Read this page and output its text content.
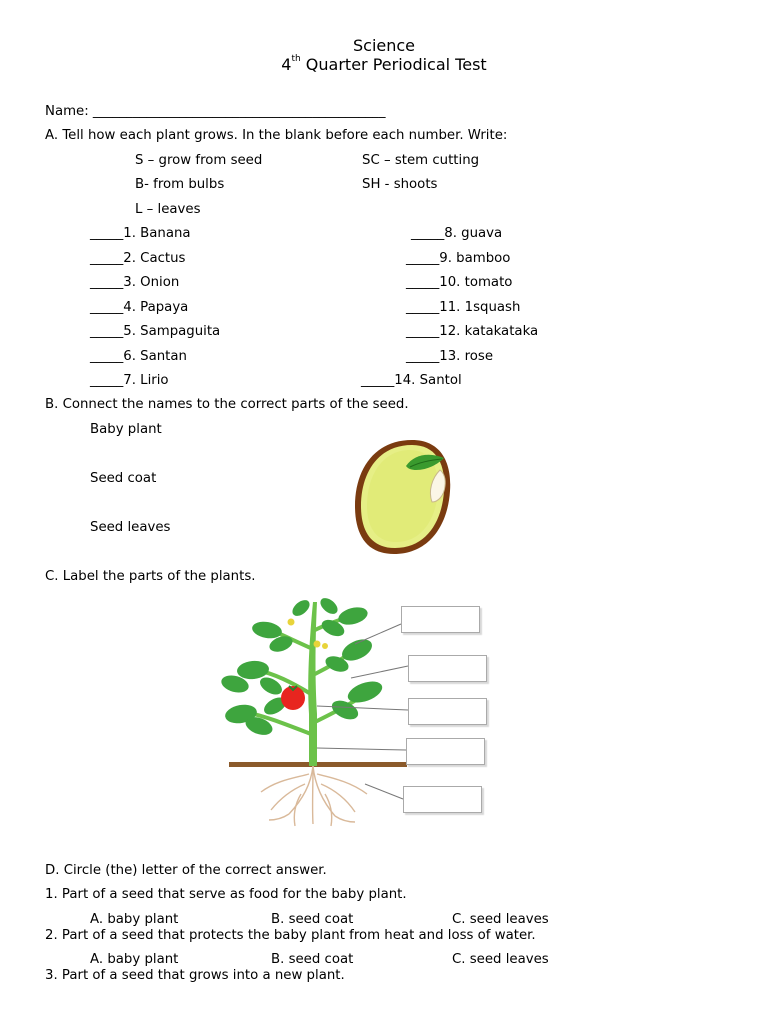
Science
4th Quarter Periodical Test
Name: ____________________________________________
A. Tell how each plant grows. In the blank before each number. Write:
S – grow from seed	SC – stem cutting
B- from bulbs	SH - shoots
L – leaves
_____1. Banana
_____2. Cactus
_____3. Onion
_____4. Papaya
_____5. Sampaguita
_____6. Santan
_____7. Lirio
_____8. guava
_____9. bamboo
_____10. tomato
_____11. 1squash
_____12. katakataka
_____13. rose
_____14. Santol
B. Connect the names to the correct parts of the seed.
Baby plant
Seed coat
Seed leaves
C. Label the parts of the plants.
D. Circle (the) letter of the correct answer.
1. Part of a seed that serve as food for the baby plant.
A. baby plant	B. seed coat	C. seed leaves
2. Part of a seed that protects the baby plant from heat and loss of water.
A. baby plant	B. seed coat	C. seed leaves
3. Part of a seed that grows into a new plant.
